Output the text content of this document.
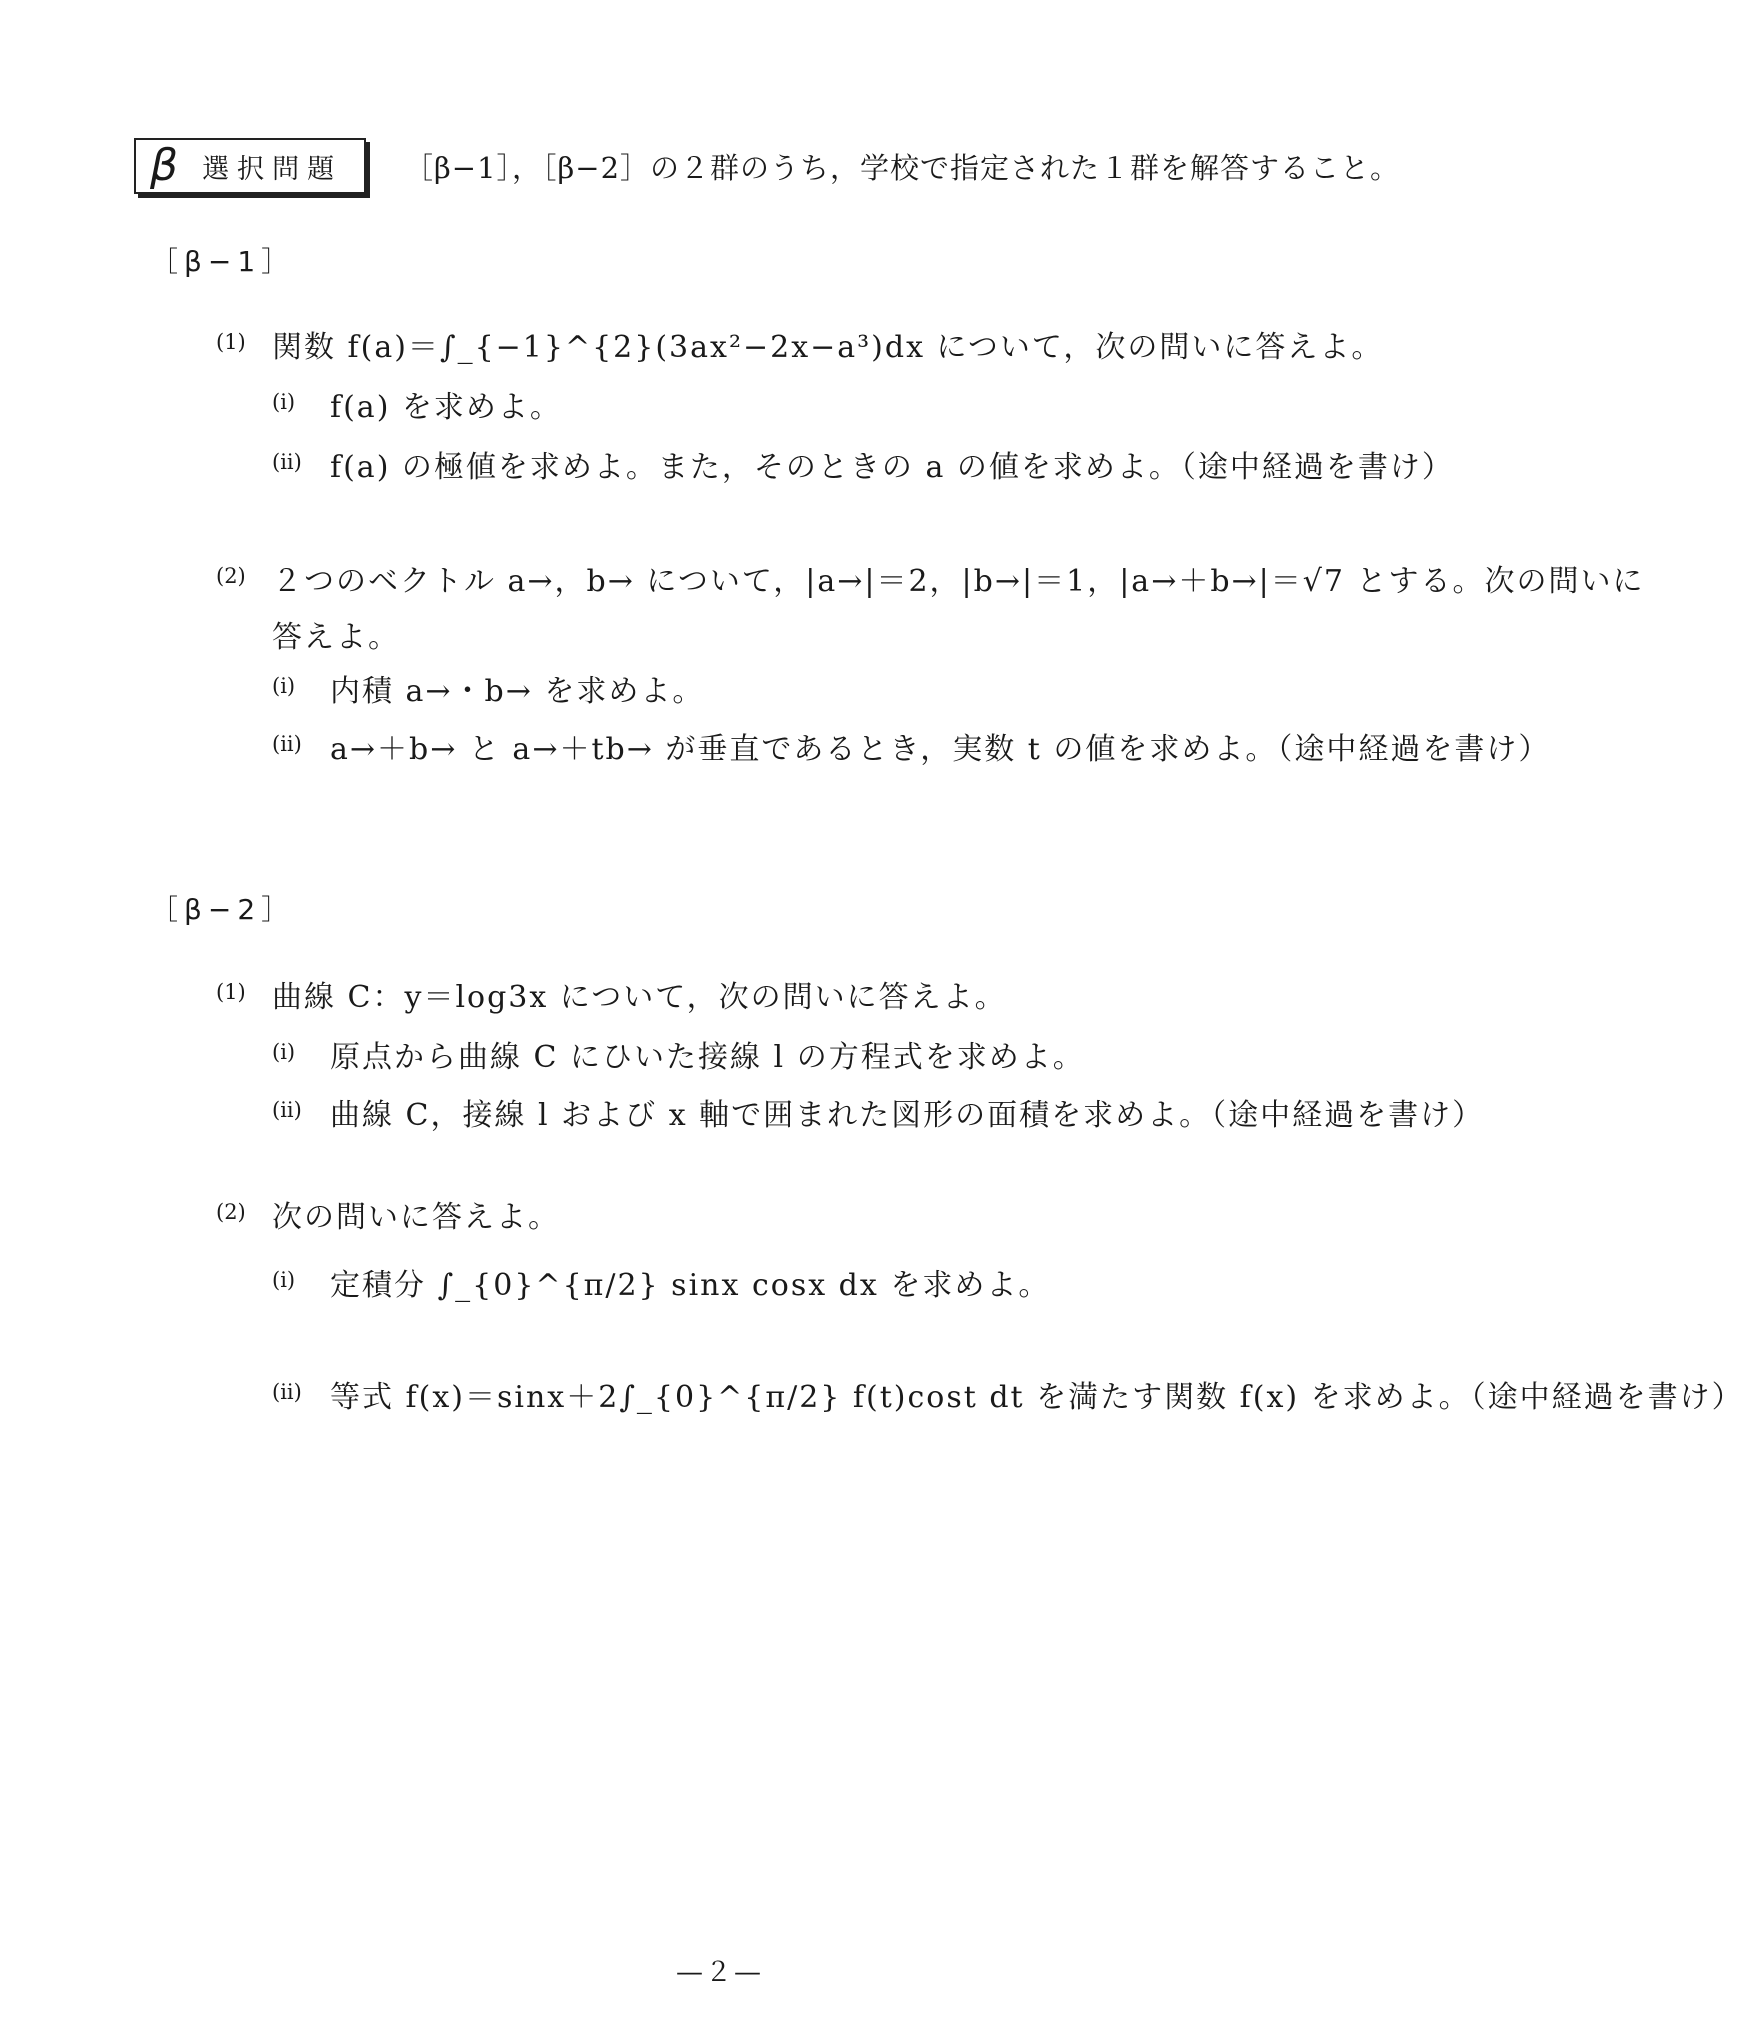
β 選択問題 ［β−1］，［β−2］の２群のうち，学校で指定された１群を解答すること。
［β−1］
(1) 関数 f(a)＝∫_{−1}^{2}(3ax²−2x−a³)dx について，次の問いに答えよ。
(i) f(a) を求めよ。
(ii) f(a) の極値を求めよ。また，そのときの a の値を求めよ。（途中経過を書け）
(2) ２つのベクトル a→，b→ について，|a→|＝2，|b→|＝1，|a→＋b→|＝√7 とする。次の問いに
答えよ。
(i) 内積 a→・b→ を求めよ。
(ii) a→＋b→ と a→＋tb→ が垂直であるとき，実数 t の値を求めよ。（途中経過を書け）
［β−2］
(1) 曲線 C：y＝log3x について，次の問いに答えよ。
(i) 原点から曲線 C にひいた接線 l の方程式を求めよ。
(ii) 曲線 C，接線 l および x 軸で囲まれた図形の面積を求めよ。（途中経過を書け）
(2) 次の問いに答えよ。
(i) 定積分 ∫_{0}^{π/2} sinx cosx dx を求めよ。
(ii) 等式 f(x)＝sinx＋2∫_{0}^{π/2} f(t)cost dt を満たす関数 f(x) を求めよ。（途中経過を書け）
—２—
